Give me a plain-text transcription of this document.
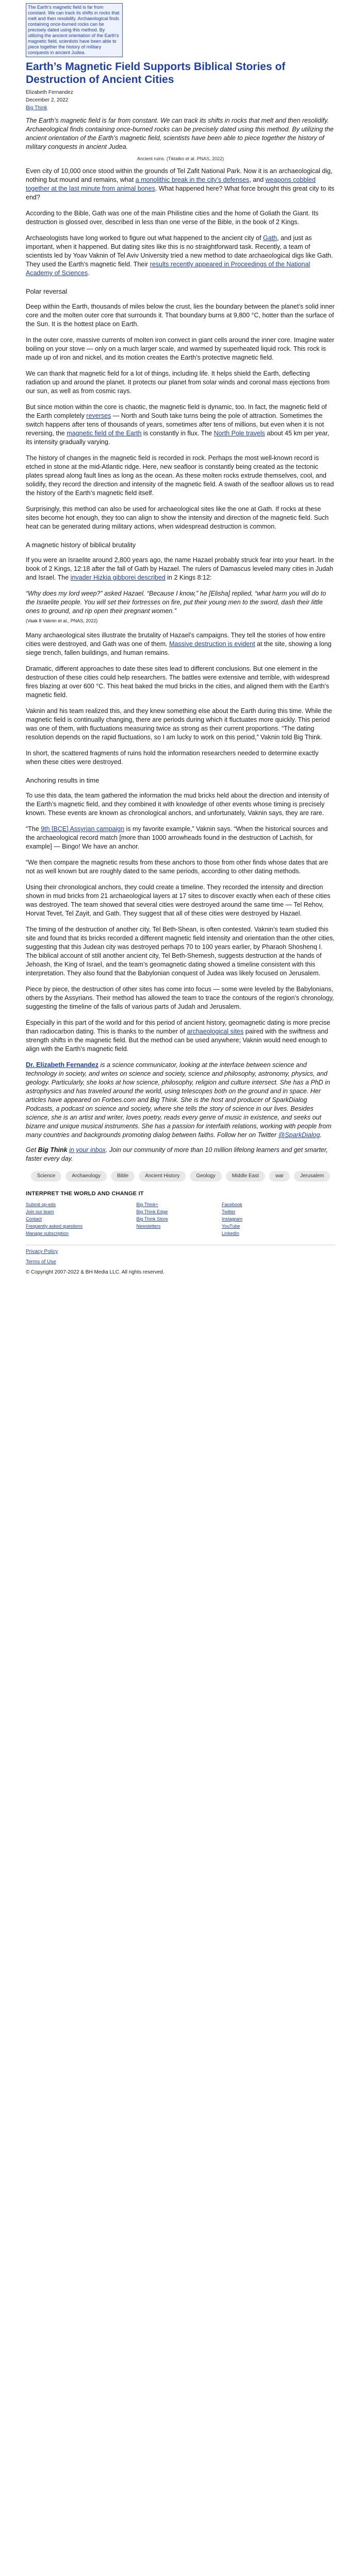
The Earth’s magnetic field is far from constant. We can track its shifts in rocks that melt and then resolidify. Archaeological finds containing once-burned rocks can be precisely dated using this method. By utilizing the ancient orientation of the Earth’s magnetic field, scientists have been able to piece together the history of military conquests in ancient Judea.
Earth’s Magnetic Field Supports Biblical Stories of Destruction of Ancient Cities
Elizabeth Fernandez
December 2, 2022
Big Think
The Earth’s magnetic field is far from constant. We can track its shifts in rocks that melt and then resolidify. Archaeological finds containing once-burned rocks can be precisely dated using this method. By utilizing the ancient orientation of the Earth’s magnetic field, scientists have been able to piece together the history of military conquests in ancient Judea.
Ancient ruins. (Tiktatko et al. PNAS, 2022)

Even city of 10,000 once stood within the grounds of Tel Zafit National Park. Now it is an archaeological dig, nothing but mound and remains, what a monolithic break in the city’s defenses, and weapons cobbled together at the last minute from animal bones. What happened here? What force brought this great city to its end?

According to the Bible, Gath was one of the main Philistine cities and the home of Goliath the Giant. Its destruction is glossed over, described in less than one verse of the Bible, in the book of 2 Kings.

Archaeologists have long worked to figure out what happened to the ancient city of Gath, and just as important, when it happened. But dating sites like this is no straightforward task. Recently, a team of scientists led by Yoav Vaknin of Tel Aviv University tried a new method to date archaeological digs like Gath. They used the Earth’s magnetic field. Their results recently appeared in Proceedings of the National Academy of Sciences.

Polar reversal

Deep within the Earth, thousands of miles below the crust, lies the boundary between the planet’s solid inner core and the molten outer core that surrounds it. That boundary burns at 9,800 °C, hotter than the surface of the Sun. It is the hottest place on Earth.

In the outer core, massive currents of molten iron convect in giant cells around the inner core. Imagine water boiling on your stove — only on a much larger scale, and warmed by superheated liquid rock. This rock is made up of iron and nickel, and its motion creates the Earth’s protective magnetic field.

We can thank that magnetic field for a lot of things, including life. It helps shield the Earth, deflecting radiation up and around the planet. It protects our planet from solar winds and coronal mass ejections from our sun, as well as from cosmic rays.

But since motion within the core is chaotic, the magnetic field is dynamic, too. In fact, the magnetic field of the Earth completely reverses — North and South take turns being the pole of attraction. Sometimes the switch happens after tens of thousands of years, sometimes after tens of millions, but even when it is not reversing, the magnetic field of the Earth is constantly in flux. The North Pole travels about 45 km per year, its intensity gradually varying.

The history of changes in the magnetic field is recorded in rock. Perhaps the most well-known record is etched in stone at the mid-Atlantic ridge. Here, new seafloor is constantly being created as the tectonic plates spread along fault lines as long as the ocean. As these molten rocks extrude themselves, cool, and solidify, they record the direction and intensity of the magnetic field. A swath of the seafloor allows us to read the history of the Earth’s magnetic field itself.

Surprisingly, this method can also be used for archaeological sites like the one at Gath. If rocks at these sites become hot enough, they too can align to show the intensity and direction of the magnetic field. Such heat can be generated during military actions, when widespread destruction is common.

A magnetic history of biblical brutality

If you were an Israelite around 2,800 years ago, the name Hazael probably struck fear into your heart. In the book of 2 Kings, 12:18 after the fall of Gath by Hazael. The rulers of Damascus leveled many cities in Judah and Israel. The invader Hizkia gibborei described in 2 Kings 8:12:

“Why does my lord weep?” asked Hazael. “Because I know,” he [Elisha] replied, “what harm you will do to the Israelite people. You will set their fortresses on fire, put their young men to the sword, dash their little ones to ground, and rip open their pregnant women.”
(Vaak 8 Vaknin et al., PNAS, 2022)

Many archaeological sites illustrate the brutality of Hazael’s campaigns. They tell the stories of how entire cities were destroyed, and Gath was one of them. Massive destruction is evident at the site, showing a long siege trench, fallen buildings, and human remains.

Dramatic, different approaches to date these sites lead to different conclusions. But one element in the destruction of these cities could help researchers. The battles were extensive and terrible, with widespread fires blazing at over 600 °C. This heat baked the mud bricks in the cities, and aligned them with the Earth’s magnetic field.

Vaknin and his team realized this, and they knew something else about the Earth during this time. While the magnetic field is continually changing, there are periods during which it fluctuates more quickly. This period was one of them, with fluctuations measuring twice as strong as their current proportions. “The dating resolution depends on the rapid fluctuations, so I am lucky to work on this period,” Vaknin told Big Think.

In short, the scattered fragments of ruins hold the information researchers needed to determine exactly when these cities were destroyed.

Anchoring results in time

To use this data, the team gathered the information the mud bricks held about the direction and intensity of the Earth’s magnetic field, and they combined it with knowledge of other events whose timing is precisely known. These events are known as chronological anchors, and unfortunately, Vaknin says, they are rare.

“The 9th [BCE] Assyrian campaign is my favorite example,” Vaknin says. “When the historical sources and the archaeological record match [more than 1000 arrowheads found in the destruction of Lachish, for example] — Bingo! We have an anchor.

“We then compare the magnetic results from these anchors to those from other finds whose dates that are not as well known but are roughly dated to the same periods, according to other dating methods.

Using their chronological anchors, they could create a timeline. They recorded the intensity and direction shown in mud bricks from 21 archaeological layers at 17 sites to discover exactly when each of these cities was destroyed. The team showed that several cities were destroyed around the same time — Tel Rehov, Horvat Tevet, Tel Zayit, and Gath. They suggest that all of these cities were destroyed by Hazael.

The timing of the destruction of another city, Tel Beth-Shean, is often contested. Vaknin’s team studied this site and found that its bricks recorded a different magnetic field intensity and orientation than the other cities, suggesting that this Judean city was destroyed perhaps 70 to 100 years earlier, by Pharaoh Shoshenq I. The biblical account of still another ancient city, Tel Beth-Shemesh, suggests destruction at the hands of Jehoash, the King of Israel, and the team’s geomagnetic dating showed a timeline consistent with this interpretation. They also found that the Babylonian conquest of Judea was likely focused on Jerusalem.

Piece by piece, the destruction of other sites has come into focus — some were leveled by the Babylonians, others by the Assyrians. Their method has allowed the team to trace the contours of the region’s chronology, suggesting the timeline of the falls of various parts of Judah and Jerusalem.

Especially in this part of the world and for this period of ancient history, geomagnetic dating is more precise than radiocarbon dating. This is thanks to the number of archaeological sites paired with the swiftness and strength shifts in the magnetic field. But the method can be used anywhere; Vaknin would need enough to align with the Earth’s magnetic field.

Dr. Elizabeth Fernandez is a science communicator, looking at the interface between science and technology in society, and writes on science and society, science and philosophy, astronomy, physics, and geology. Particularly, she looks at how science, philosophy, religion and culture intersect. She has a PhD in astrophysics and has traveled around the world, using telescopes both on the ground and in space. Her articles have appeared on Forbes.com and Big Think. She is the host and producer of SparkDialog Podcasts, a podcast on science and society, where she tells the story of science in our lives. Besides science, she is an artist and writer, loves poetry, reads every genre of music in existence, and seeks out bizarre and unique musical instruments. She has a passion for interfaith relations, working with people from many countries and backgrounds promoting dialog between faiths. Follow her on Twitter @SparkDialog.
Get Big Think in your inbox. Join our community of more than 10 million lifelong learners and get smarter, faster every day.
Science	Archaeology	Bible	Ancient History	Geology	Middle East	war	Jerusalem
INTERPRET THE WORLD AND CHANGE IT
Submit op-eds
Join our team
Contact
Frequently asked questions
Manage subscription
Big Think+
Big Think Edge
Big Think Store
Newsletters
Facebook
Twitter
Instagram
YouTube
LinkedIn
Privacy Policy
Terms of Use
© Copyright 2007-2022 & BH Media LLC. All rights reserved.
